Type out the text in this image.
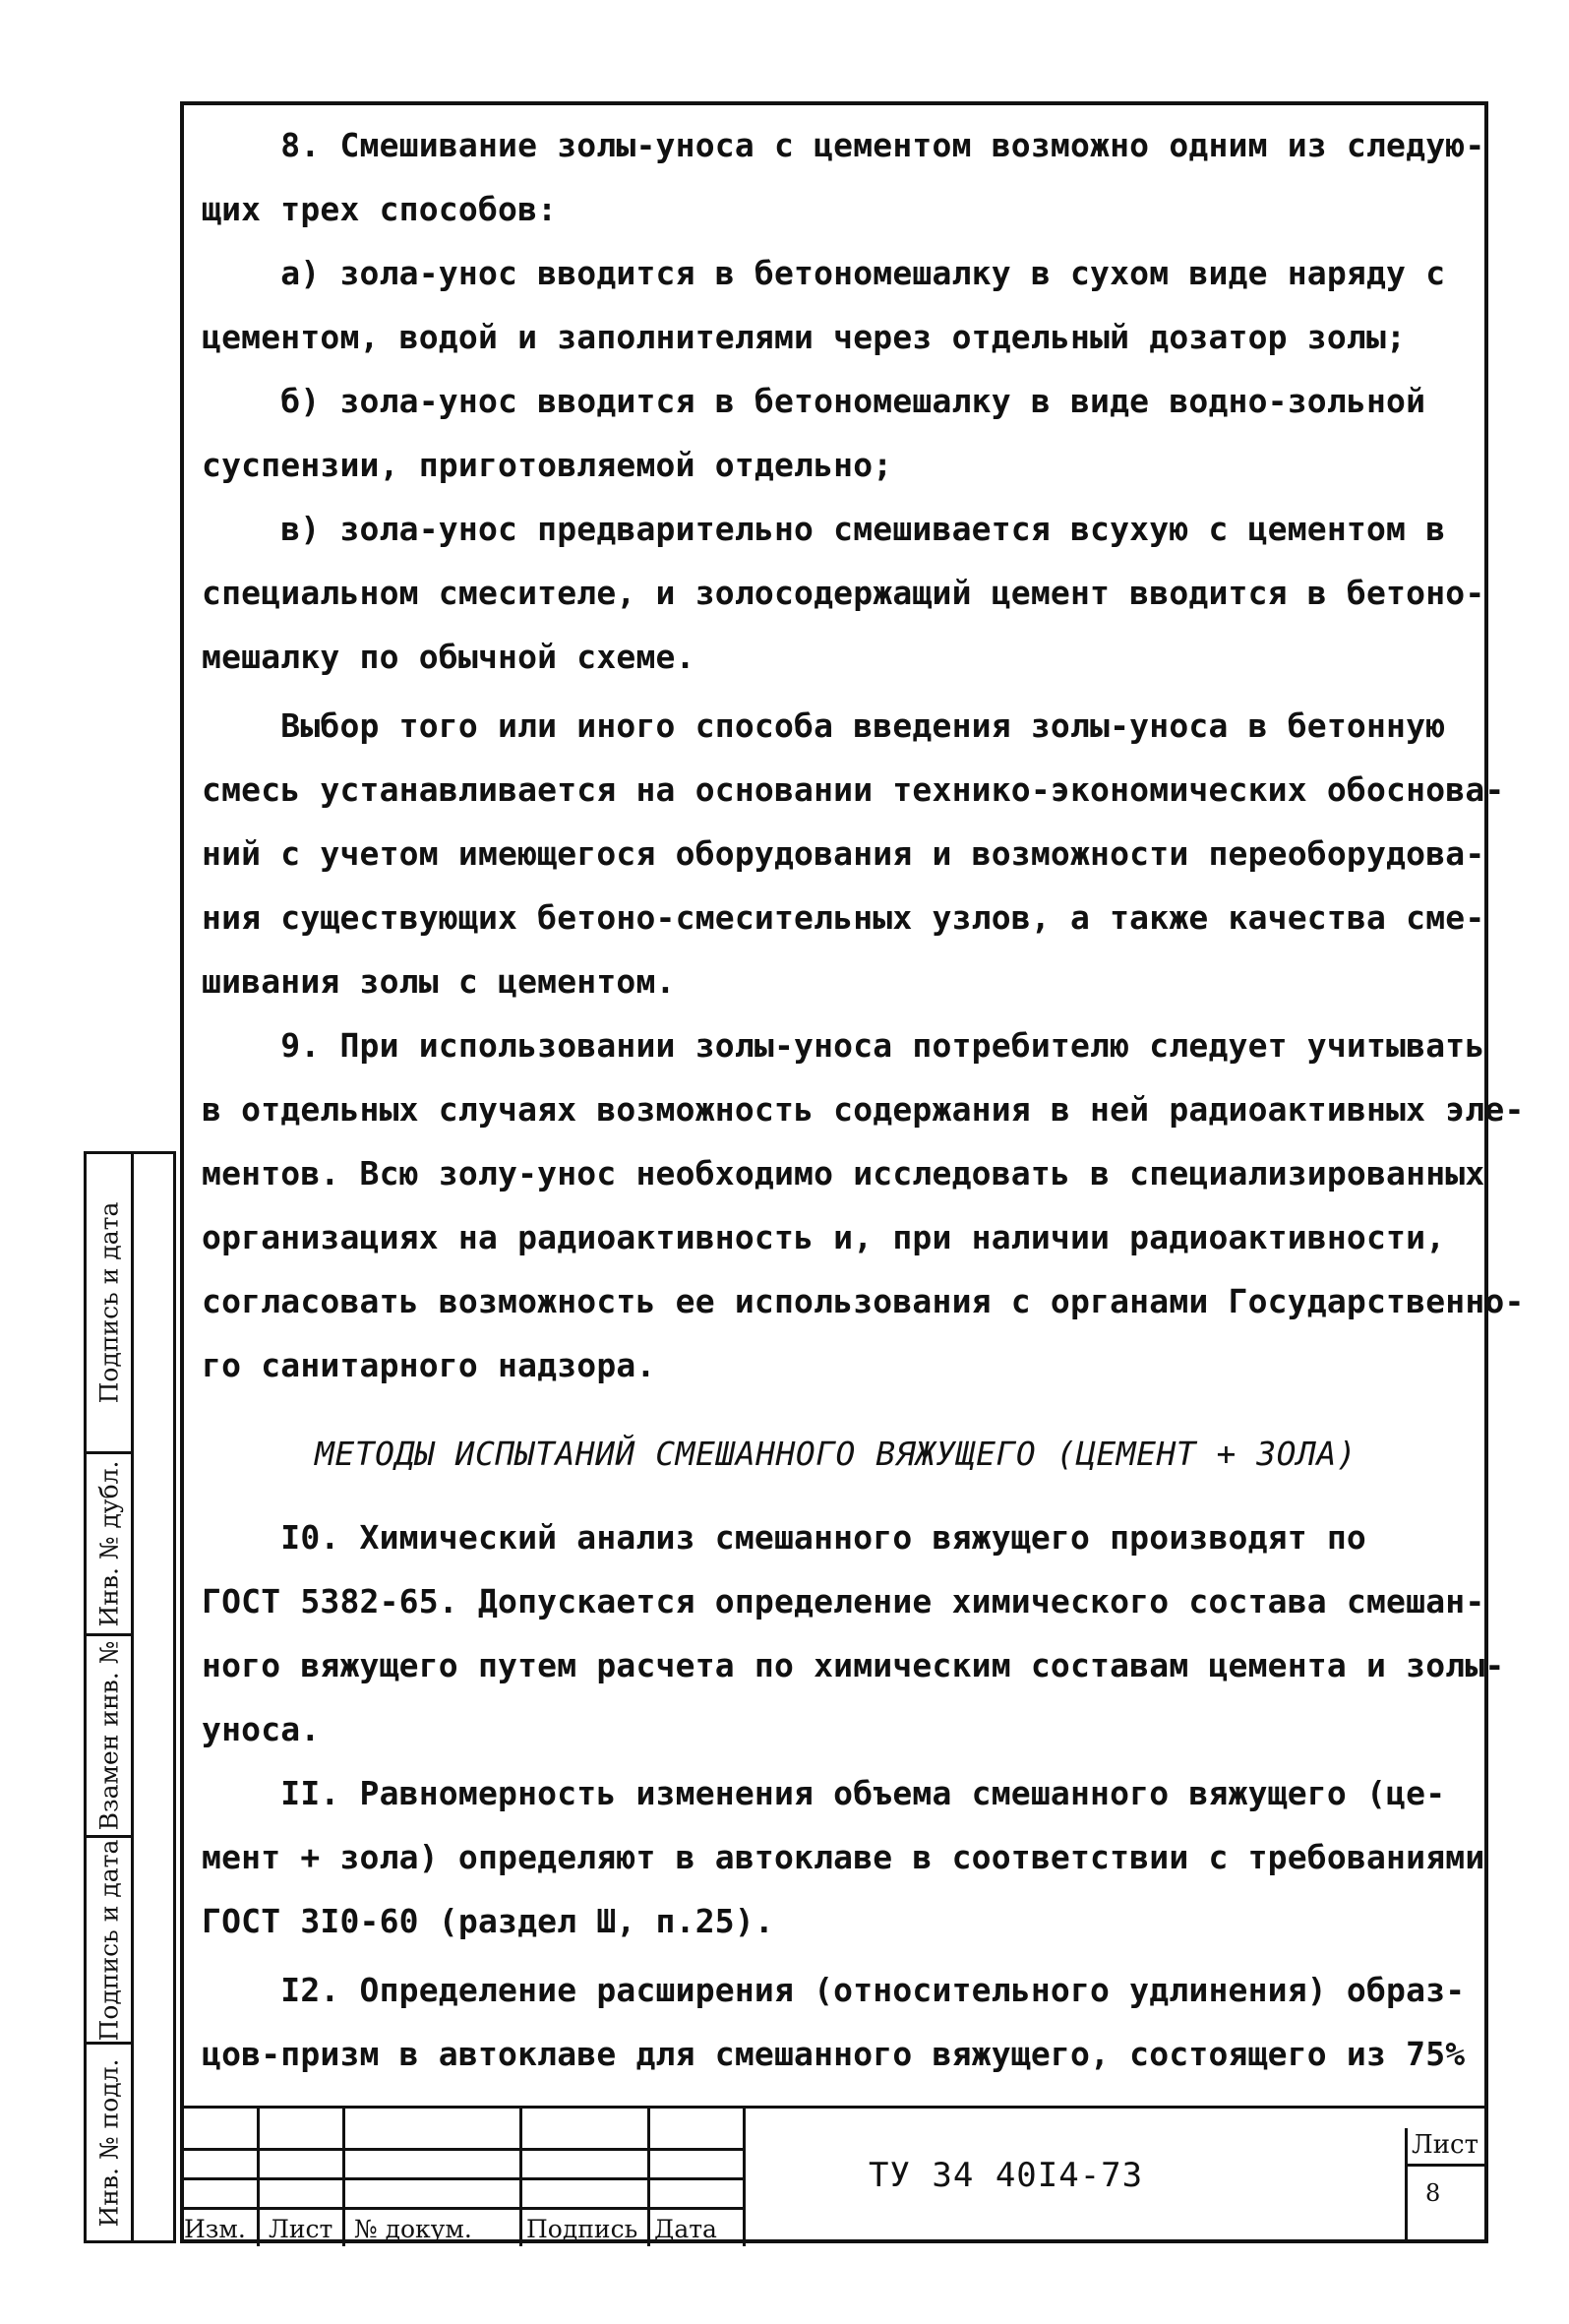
Подпись и дата
Инв. № дубл.
Взамен инв. №
Подпись и дата
Инв. № подл.
8. Смешивание золы-уноса с цементом возможно одним из следую-
щих трех способов:
а) зола-унос вводится в бетономешалку в сухом виде наряду с
цементом, водой и заполнителями через отдельный дозатор золы;
б) зола-унос вводится в бетономешалку в виде водно-зольной
суспензии, приготовляемой отдельно;
в) зола-унос предварительно смешивается всухую с цементом в
специальном смесителе, и золосодержащий цемент вводится в бетоно-
мешалку по обычной схеме.
Выбор того или иного способа введения золы-уноса в бетонную
смесь устанавливается на основании технико-экономических обоснова-
ний с учетом имеющегося оборудования и возможности переоборудова-
ния существующих бетоно-смесительных узлов, а также качества сме-
шивания золы с цементом.
9. При использовании золы-уноса потребителю следует учитывать
в отдельных случаях возможность содержания в ней радиоактивных эле-
ментов. Всю золу-унос необходимо исследовать в специализированных
организациях на радиоактивность и, при наличии радиоактивности,
согласовать возможность ее использования с органами Государственно-
го санитарного надзора.
МЕТОДЫ ИСПЫТАНИЙ СМЕШАННОГО ВЯЖУЩЕГО (ЦЕМЕНТ + ЗОЛА)
I0. Химический анализ смешанного вяжущего производят по
ГОСТ 5382-65. Допускается определение химического состава смешан-
ного вяжущего путем расчета по химическим составам цемента и золы-
уноса.
II. Равномерность изменения объема смешанного вяжущего (це-
мент + зола) определяют в автоклаве в соответствии с требованиями
ГОСТ 3I0-60 (раздел Ш, п.25).
I2. Определение расширения (относительного удлинения) образ-
цов-призм в автоклаве для смешанного вяжущего, состоящего из 75%
Изм. Лист № докум. Подпись Дата
ТУ 34 40I4-73
Лист
8
